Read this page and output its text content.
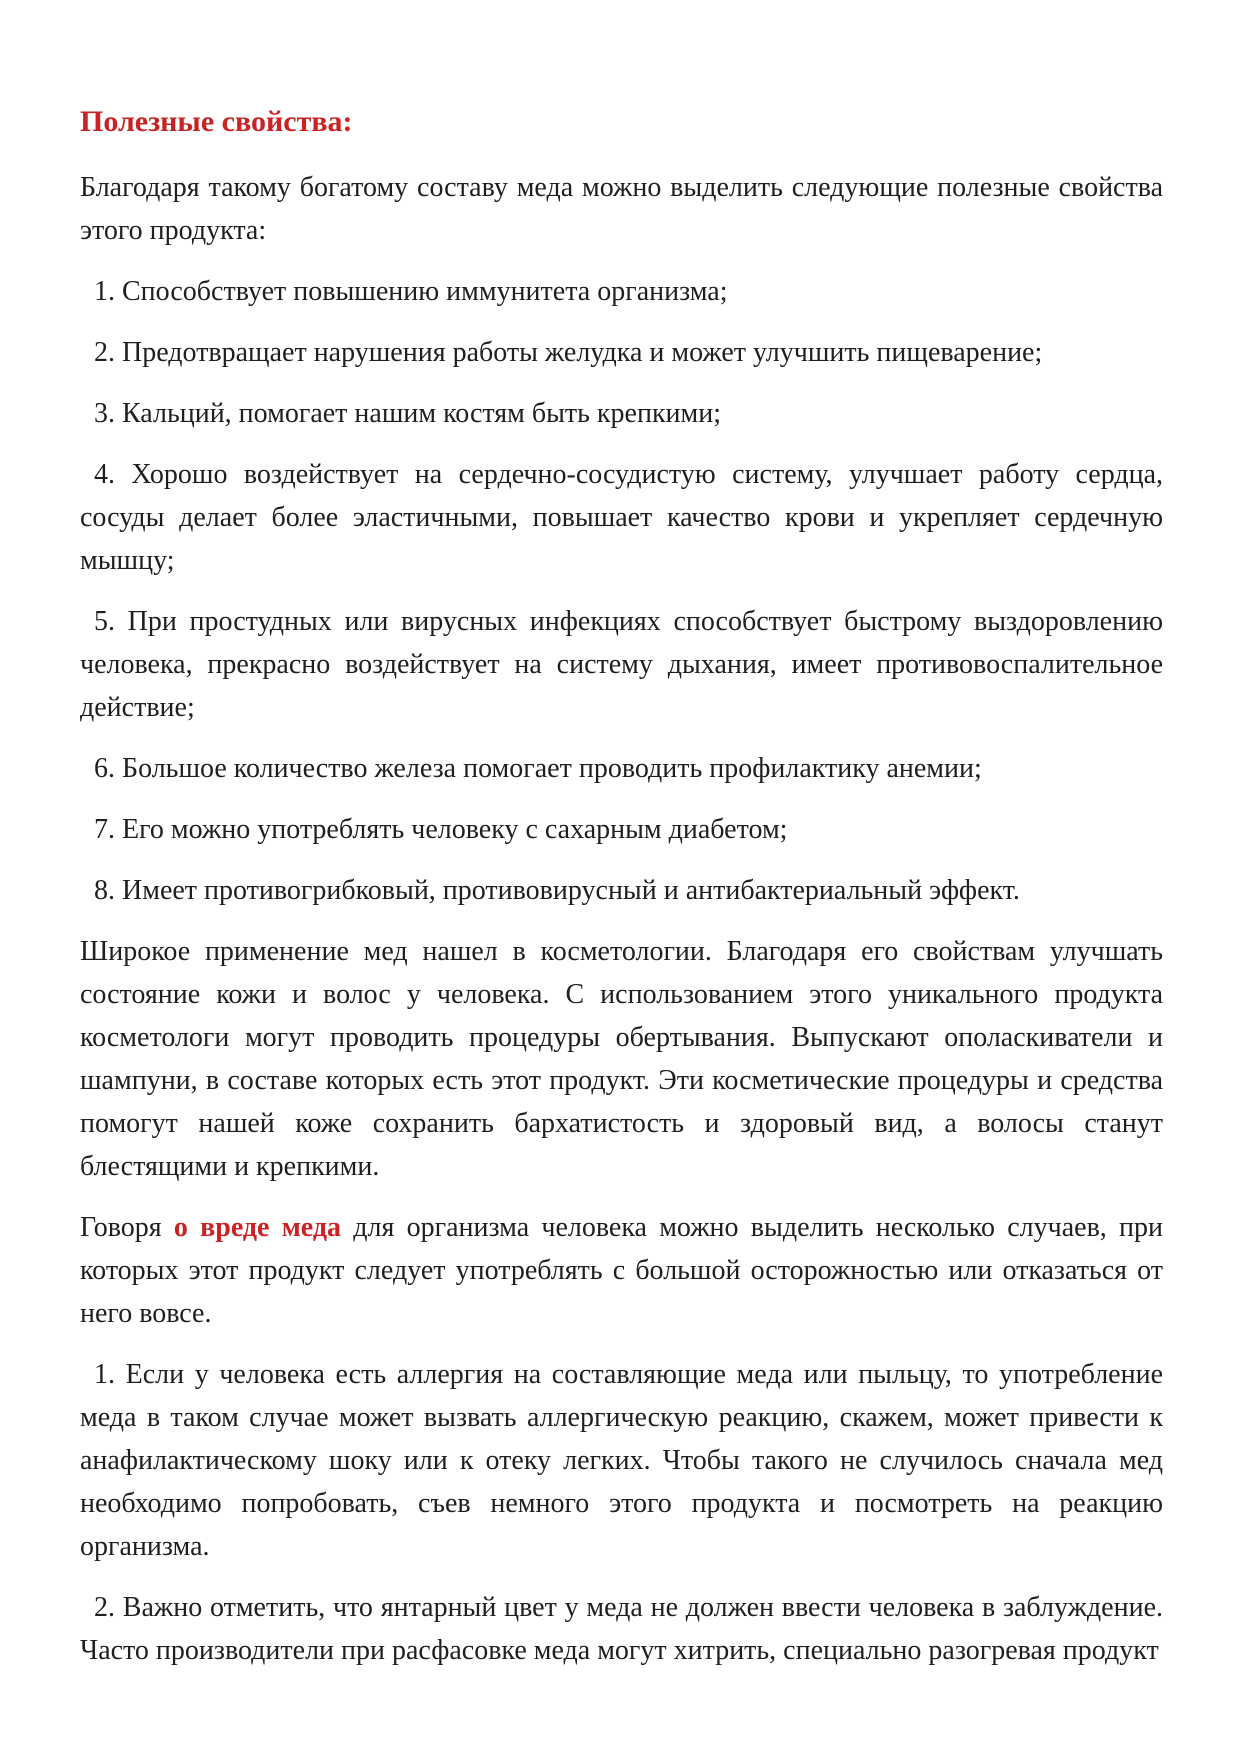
Полезные свойства:

Благодаря такому богатому составу меда можно выделить следующие полезные свойства этого продукта:

1. Способствует повышению иммунитета организма;

2. Предотвращает нарушения работы желудка и может улучшить пищеварение;

3. Кальций, помогает нашим костям быть крепкими;

4. Хорошо воздействует на сердечно-сосудистую систему, улучшает работу сердца, сосуды делает более эластичными, повышает качество крови и укрепляет сердечную мышцу;

5. При простудных или вирусных инфекциях способствует быстрому выздоровлению человека, прекрасно воздействует на систему дыхания, имеет противовоспалительное действие;

6. Большое количество железа помогает проводить профилактику анемии;

7. Его можно употреблять человеку с сахарным диабетом;

8. Имеет противогрибковый, противовирусный и антибактериальный эффект.

Широкое применение мед нашел в косметологии. Благодаря его свойствам улучшать состояние кожи и волос у человека. С использованием этого уникального продукта косметологи могут проводить процедуры обертывания. Выпускают ополаскиватели и шампуни, в составе которых есть этот продукт. Эти косметические процедуры и средства помогут нашей коже сохранить бархатистость и здоровый вид, а волосы станут блестящими и крепкими.

Говоря о вреде меда для организма человека можно выделить несколько случаев, при которых этот продукт следует употреблять с большой осторожностью или отказаться от него вовсе.

1. Если у человека есть аллергия на составляющие меда или пыльцу, то употребление меда в таком случае может вызвать аллергическую реакцию, скажем, может привести к анафилактическому шоку или к отеку легких. Чтобы такого не случилось сначала мед необходимо попробовать, съев немного этого продукта и посмотреть на реакцию организма.

2. Важно отметить, что янтарный цвет у меда не должен ввести человека в заблуждение. Часто производители при расфасовке меда могут хитрить, специально разогревая продукт
